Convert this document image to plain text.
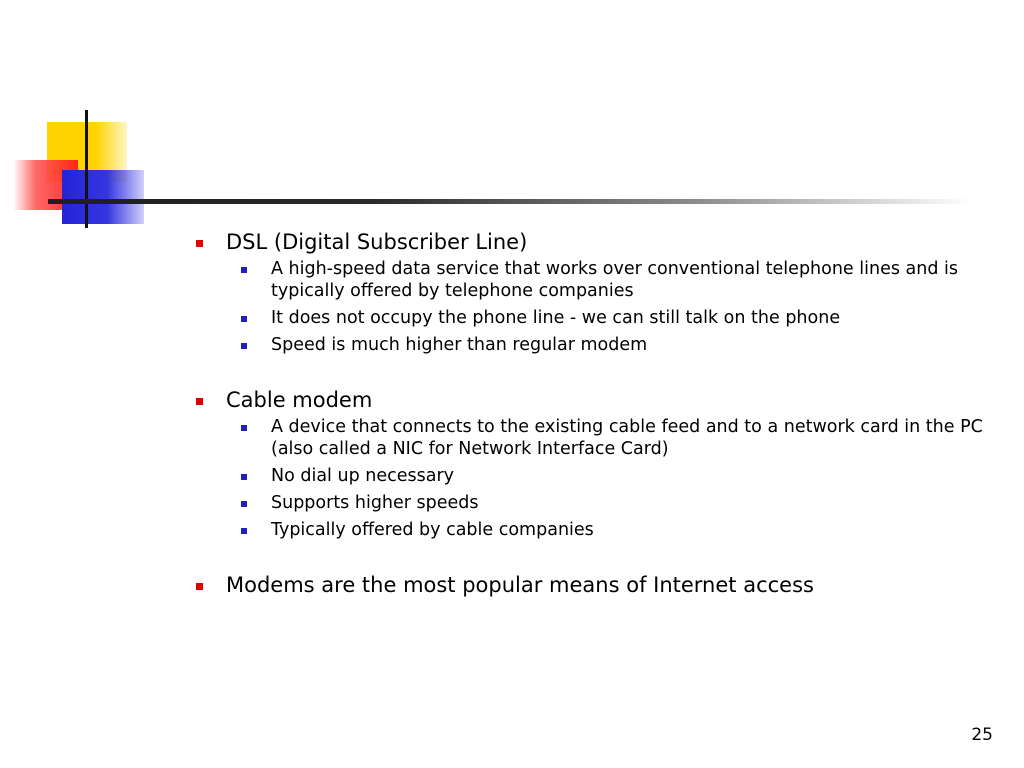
DSL (Digital Subscriber Line)

A high-speed data service that works over conventional telephone lines and is typically offered by telephone companies
It does not occupy the phone line - we can still talk on the phone
Speed is much higher than regular modem

Cable modem

A device that connects to the existing cable feed and to a network card in the PC (also called a NIC for Network Interface Card)
No dial up necessary
Supports higher speeds
Typically offered by cable companies

Modems are the most popular means of Internet access

25
